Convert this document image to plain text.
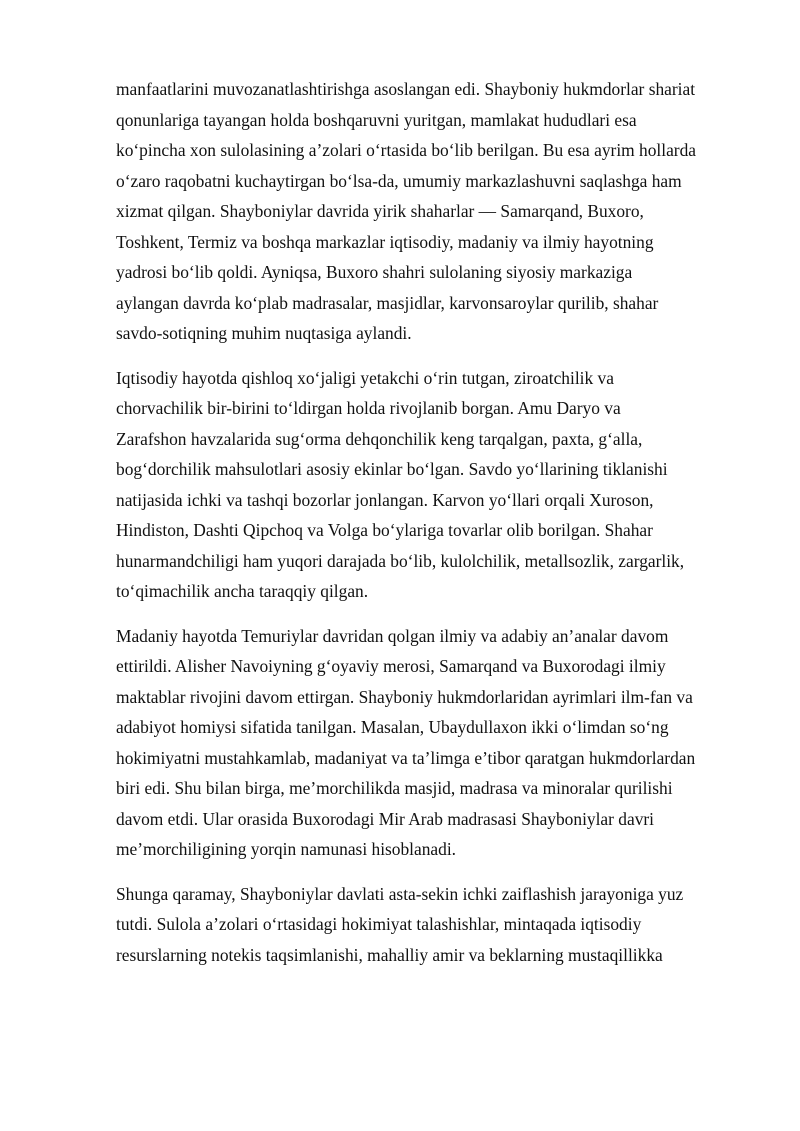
manfaatlarini muvozanatlashtirishga asoslangan edi. Shayboniy hukmdorlar shariat
qonunlariga tayangan holda boshqaruvni yuritgan, mamlakat hududlari esa
ko‘pincha xon sulolasining a’zolari o‘rtasida bo‘lib berilgan. Bu esa ayrim hollarda
o‘zaro raqobatni kuchaytirgan bo‘lsa-da, umumiy markazlashuvni saqlashga ham
xizmat qilgan. Shayboniylar davrida yirik shaharlar — Samarqand, Buxoro,
Toshkent, Termiz va boshqa markazlar iqtisodiy, madaniy va ilmiy hayotning
yadrosi bo‘lib qoldi. Ayniqsa, Buxoro shahri sulolaning siyosiy markaziga
aylangan davrda ko‘plab madrasalar, masjidlar, karvonsaroylar qurilib, shahar
savdo-sotiqning muhim nuqtasiga aylandi.

Iqtisodiy hayotda qishloq xo‘jaligi yetakchi o‘rin tutgan, ziroatchilik va
chorvachilik bir-birini to‘ldirgan holda rivojlanib borgan. Amu Daryo va
Zarafshon havzalarida sug‘orma dehqonchilik keng tarqalgan, paxta, g‘alla,
bog‘dorchilik mahsulotlari asosiy ekinlar bo‘lgan. Savdo yo‘llarining tiklanishi
natijasida ichki va tashqi bozorlar jonlangan. Karvon yo‘llari orqali Xuroson,
Hindiston, Dashti Qipchoq va Volga bo‘ylariga tovarlar olib borilgan. Shahar
hunarmandchiligi ham yuqori darajada bo‘lib, kulolchilik, metallsozlik, zargarlik,
to‘qimachilik ancha taraqqiy qilgan.

Madaniy hayotda Temuriylar davridan qolgan ilmiy va adabiy an’analar davom
ettirildi. Alisher Navoiyning g‘oyaviy merosi, Samarqand va Buxorodagi ilmiy
maktablar rivojini davom ettirgan. Shayboniy hukmdorlaridan ayrimlari ilm-fan va
adabiyot homiysi sifatida tanilgan. Masalan, Ubaydullaxon ikki o‘limdan so‘ng
hokimiyatni mustahkamlab, madaniyat va ta’limga e’tibor qaratgan hukmdorlardan
biri edi. Shu bilan birga, me’morchilikda masjid, madrasa va minoralar qurilishi
davom etdi. Ular orasida Buxorodagi Mir Arab madrasasi Shayboniylar davri
me’morchiligining yorqin namunasi hisoblanadi.

Shunga qaramay, Shayboniylar davlati asta-sekin ichki zaiflashish jarayoniga yuz
tutdi. Sulola a’zolari o‘rtasidagi hokimiyat talashishlar, mintaqada iqtisodiy
resurslarning notekis taqsimlanishi, mahalliy amir va beklarning mustaqillikka
